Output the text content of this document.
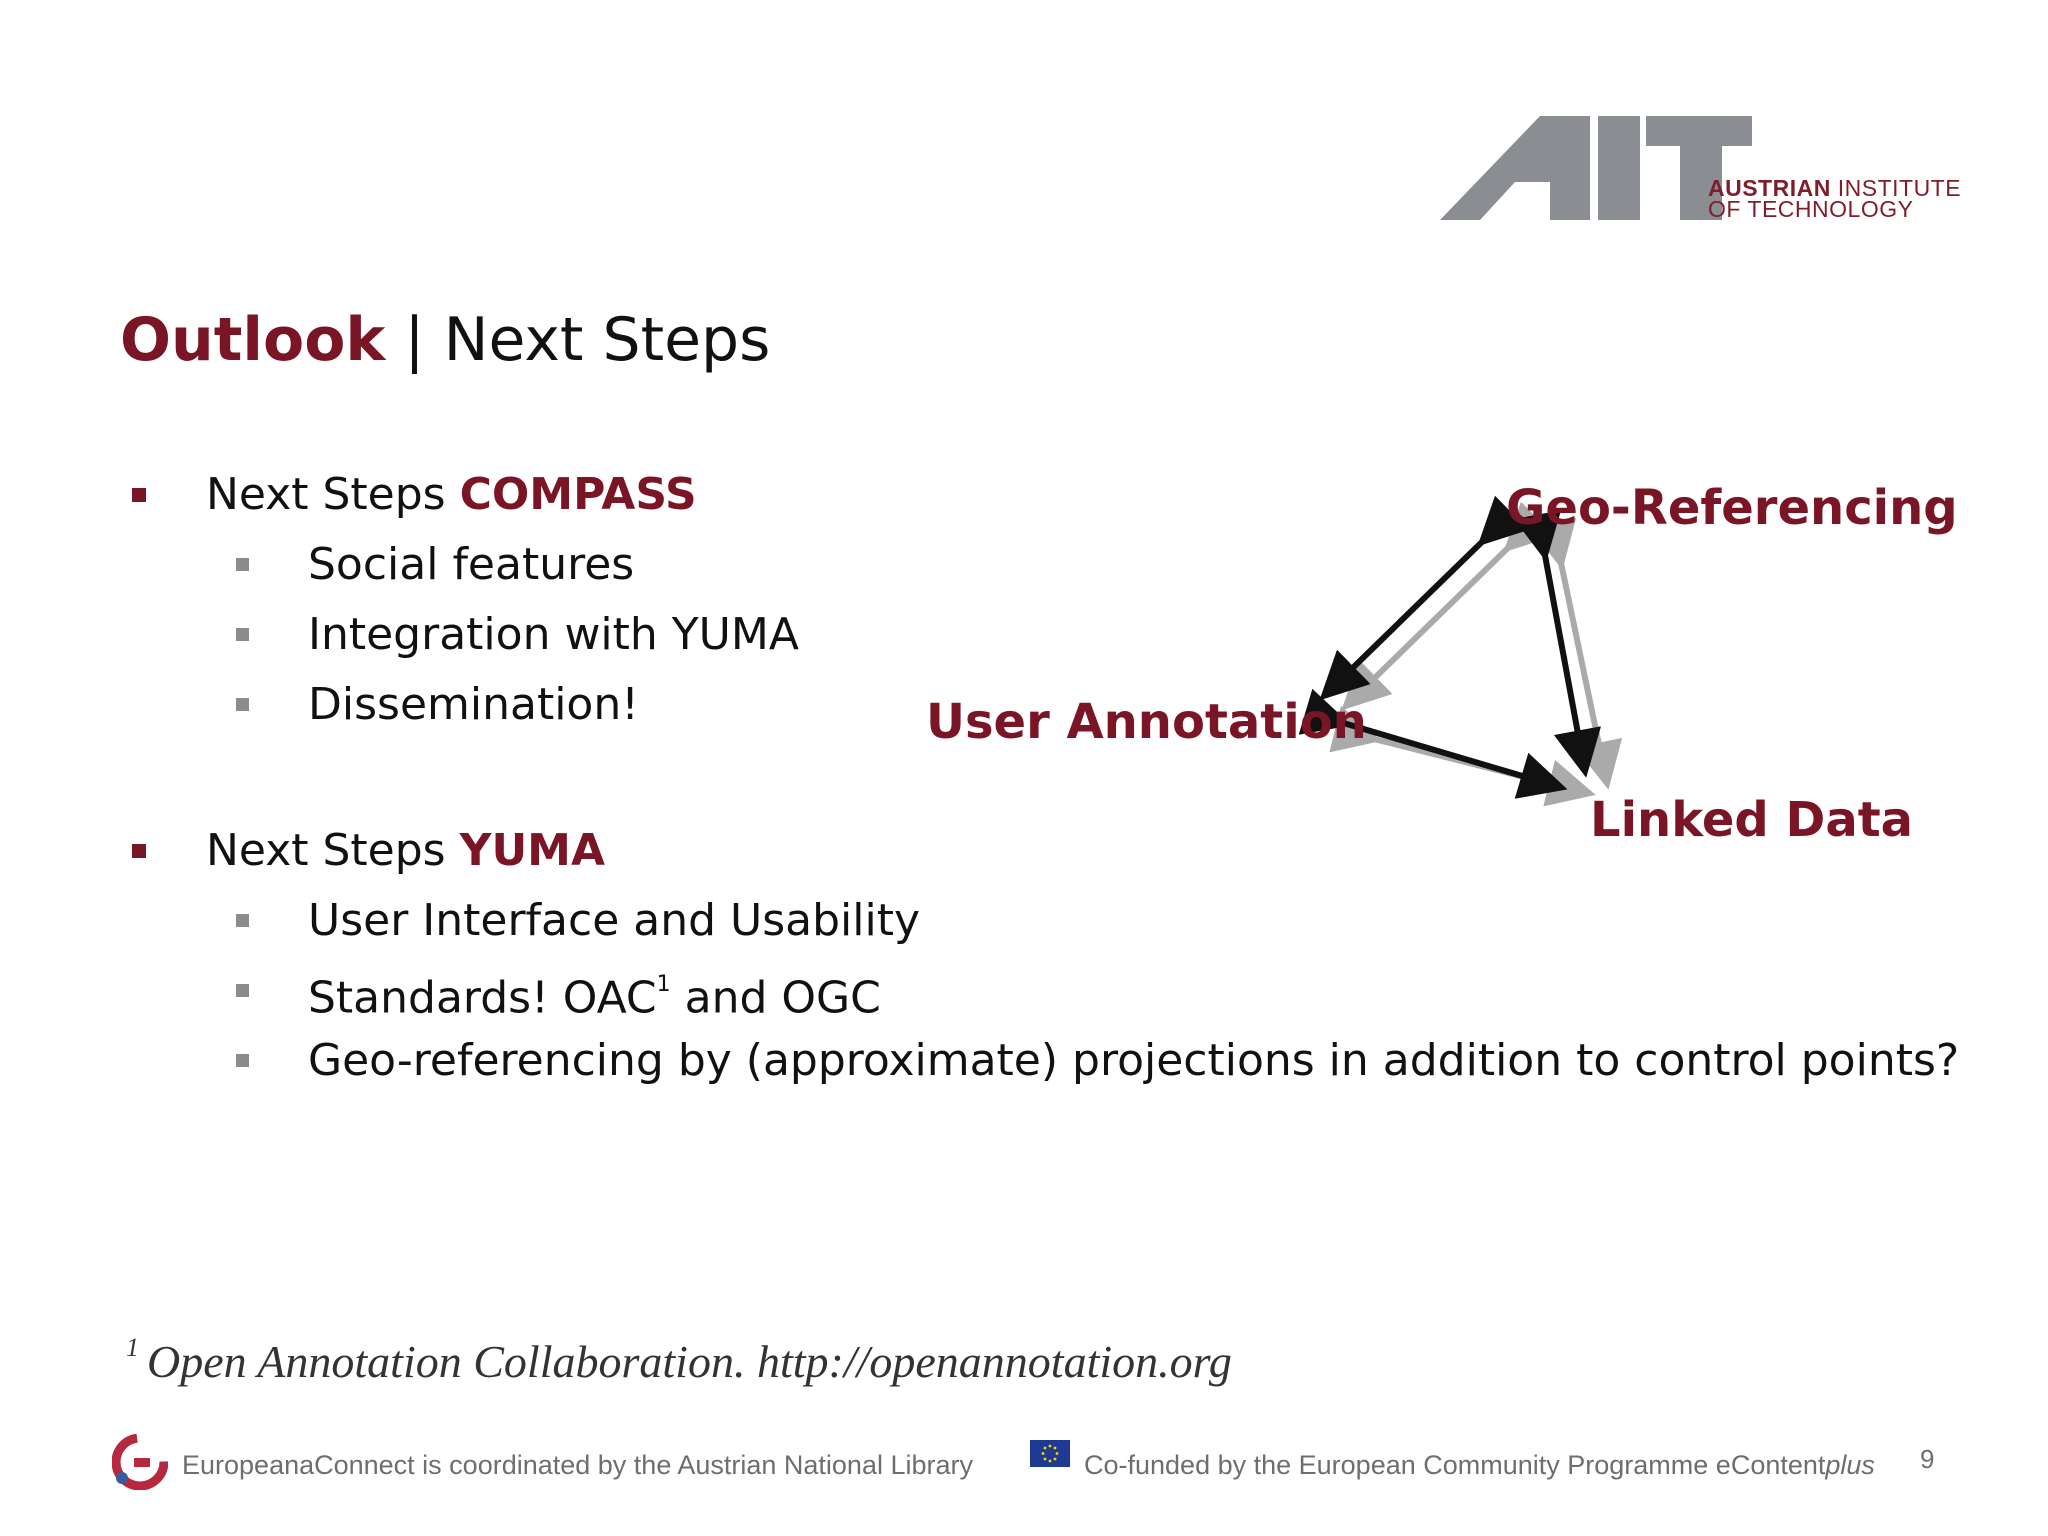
AUSTRIAN INSTITUTE
OF TECHNOLOGY
Outlook | Next Steps
Next Steps COMPASS
Social features
Integration with YUMA
Dissemination!
Next Steps YUMA
User Interface and Usability
Standards! OAC$^1$ and OGC
Geo-referencing by (approximate) projections in addition to control points?
Geo-Referencing
User Annotation
Linked Data
$^1$ Open Annotation Collaboration. http://openannotation.org
EuropeanaConnect is coordinated by the Austrian National Library	Co-funded by the European Community Programme eContentplus 9
